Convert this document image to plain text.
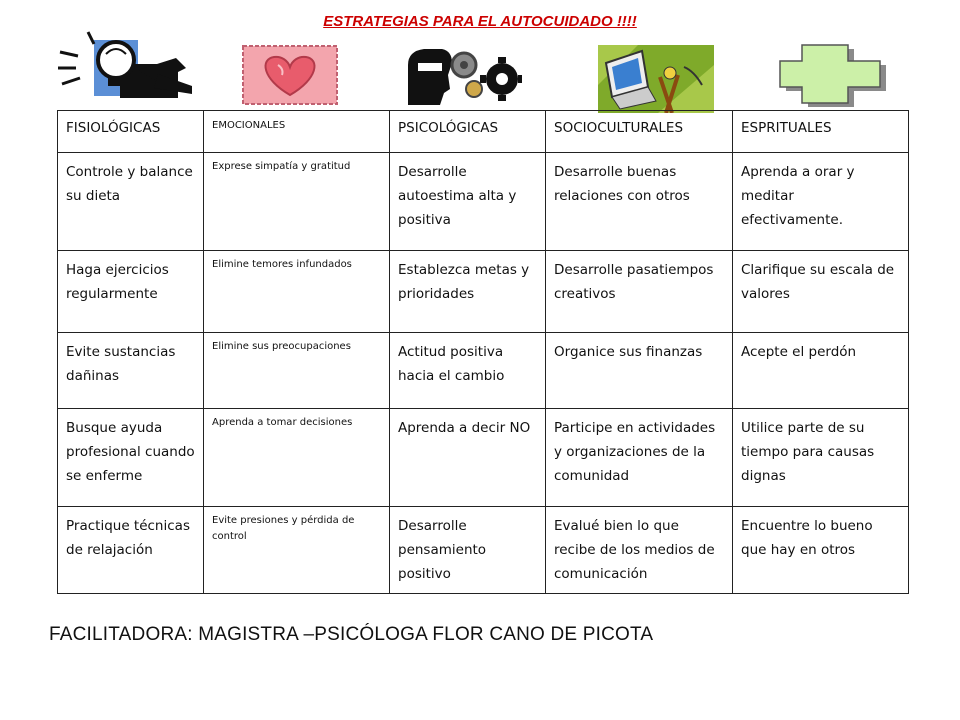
ESTRATEGIAS PARA EL AUTOCUIDADO !!!!
FISIOLÓGICAS	EMOCIONALES	PSICOLÓGICAS	SOCIOCULTURALES	ESPRITUALES
Controle y balance su dieta	Exprese simpatía y gratitud	Desarrolle autoestima alta y positiva	Desarrolle buenas relaciones con otros	Aprenda a orar y meditar efectivamente.
Haga ejercicios regularmente	Elimine temores infundados	Establezca metas y prioridades	Desarrolle pasatiempos creativos	Clarifique su escala de valores
Evite sustancias dañinas	Elimine sus preocupaciones	Actitud positiva hacia el cambio	Organice sus finanzas	Acepte el perdón
Busque ayuda profesional cuando se enferme	Aprenda a tomar decisiones	Aprenda a decir NO	Participe en actividades y organizaciones de la comunidad	Utilice parte de su tiempo para causas dignas
Practique técnicas de relajación	Evite presiones y pérdida de control	Desarrolle pensamiento positivo	Evalué bien lo que recibe de los medios de comunicación	Encuentre lo bueno que hay en otros
FACILITADORA: MAGISTRA –PSICÓLOGA FLOR CANO DE PICOTA
